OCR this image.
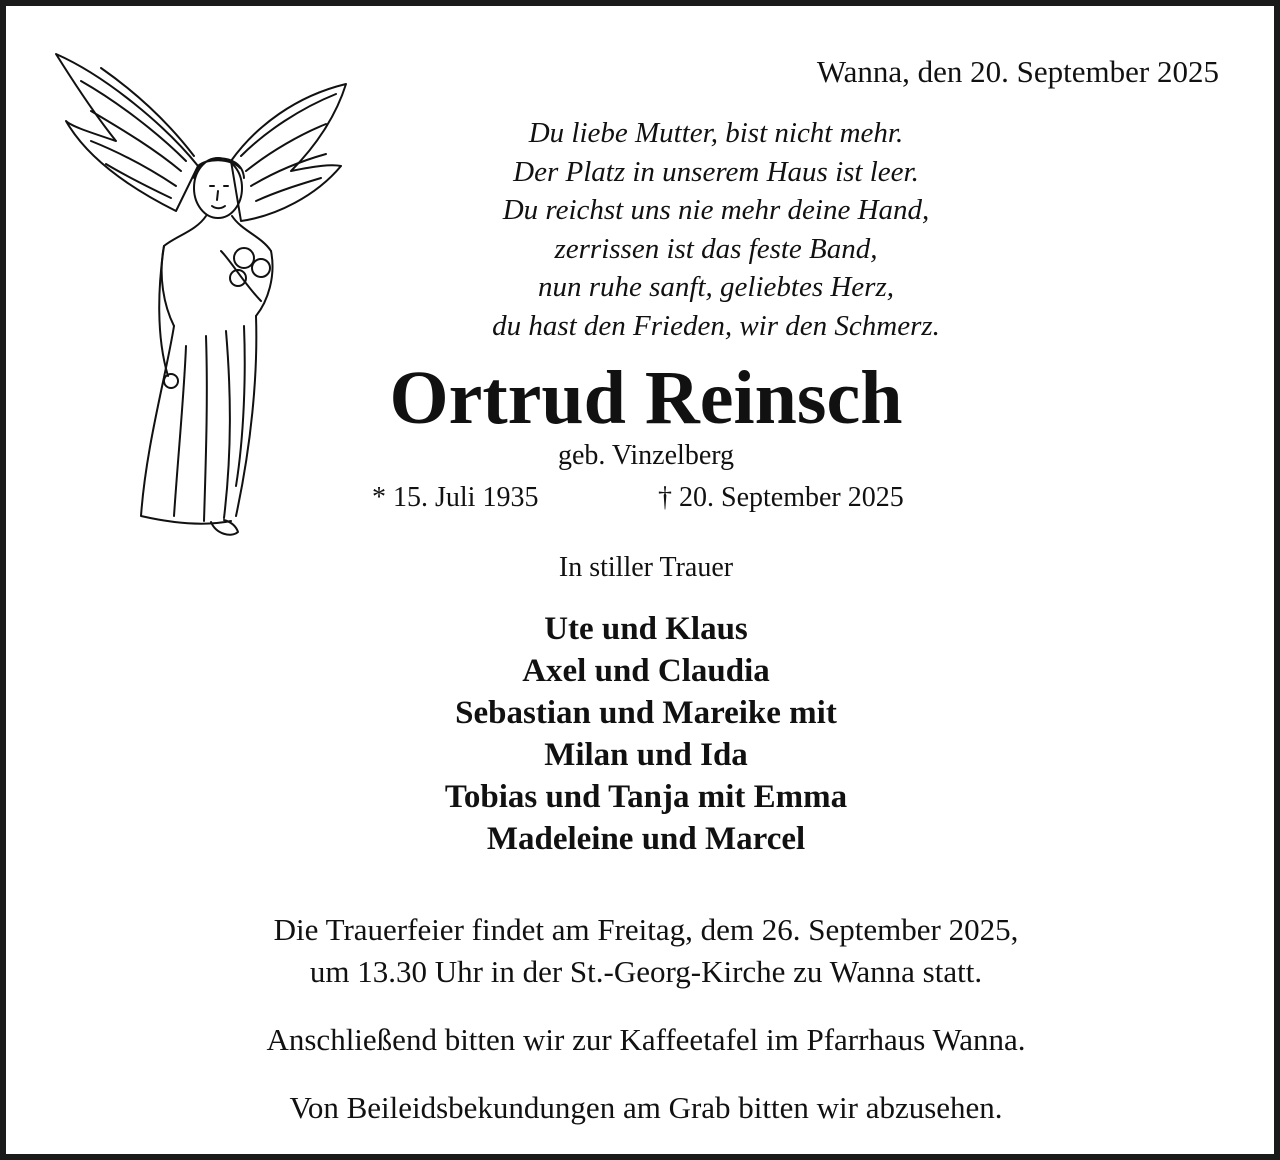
Wanna, den 20. September 2025
Du liebe Mutter, bist nicht mehr.
Der Platz in unserem Haus ist leer.
Du reichst uns nie mehr deine Hand,
zerrissen ist das feste Band,
nun ruhe sanft, geliebtes Herz,
du hast den Frieden, wir den Schmerz.
Ortrud Reinsch
geb. Vinzelberg
* 15. Juli 1935	† 20. September 2025
In stiller Trauer
Ute und Klaus
Axel und Claudia
Sebastian und Mareike mit
Milan und Ida
Tobias und Tanja mit Emma
Madeleine und Marcel
Die Trauerfeier findet am Freitag, dem 26. September 2025,
um 13.30 Uhr in der St.-Georg-Kirche zu Wanna statt.
Anschließend bitten wir zur Kaffeetafel im Pfarrhaus Wanna.
Von Beileidsbekundungen am Grab bitten wir abzusehen.
